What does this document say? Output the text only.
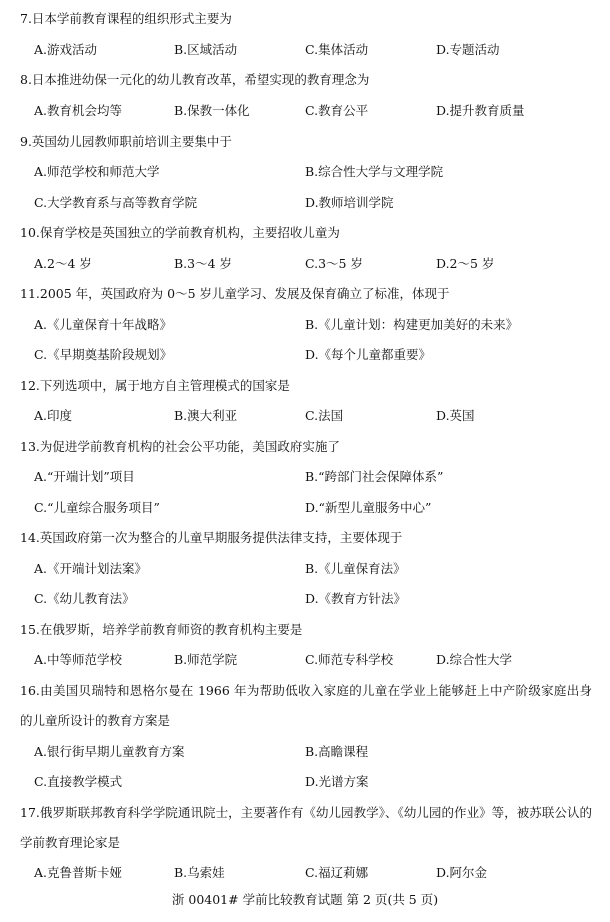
7.日本学前教育课程的组织形式主要为
A.游戏活动	B.区域活动	C.集体活动	D.专题活动
8.日本推进幼保一元化的幼儿教育改革，希望实现的教育理念为
A.教育机会均等	B.保教一体化	C.教育公平	D.提升教育质量
9.英国幼儿园教师职前培训主要集中于
A.师范学校和师范大学	B.综合性大学与文理学院
C.大学教育系与高等教育学院	D.教师培训学院
10.保育学校是英国独立的学前教育机构，主要招收儿童为
A.2～4 岁	B.3～4 岁	C.3～5 岁	D.2～5 岁
11.2005 年，英国政府为 0～5 岁儿童学习、发展及保育确立了标准，体现于
A.《儿童保育十年战略》	B.《儿童计划：构建更加美好的未来》
C.《早期奠基阶段规划》	D.《每个儿童都重要》
12.下列选项中，属于地方自主管理模式的国家是
A.印度	B.澳大利亚	C.法国	D.英国
13.为促进学前教育机构的社会公平功能，美国政府实施了
A.“开端计划”项目	B.“跨部门社会保障体系”
C.“儿童综合服务项目”	D.“新型儿童服务中心”
14.英国政府第一次为整合的儿童早期服务提供法律支持，主要体现于
A.《开端计划法案》	B.《儿童保育法》
C.《幼儿教育法》	D.《教育方针法》
15.在俄罗斯，培养学前教育师资的教育机构主要是
A.中等师范学校	B.师范学院	C.师范专科学校	D.综合性大学
16.由美国贝瑞特和恩格尔曼在 1966 年为帮助低收入家庭的儿童在学业上能够赶上中产阶级家庭出身的儿童所设计的教育方案是
A.银行街早期儿童教育方案	B.高瞻课程
C.直接教学模式	D.光谱方案
17.俄罗斯联邦教育科学学院通讯院士，主要著作有《幼儿园教学》、《幼儿园的作业》等，被苏联公认的学前教育理论家是
A.克鲁普斯卡娅	B.乌索娃	C.福辽莉娜	D.阿尔金
浙 00401# 学前比较教育试题 第 2 页(共 5 页)
